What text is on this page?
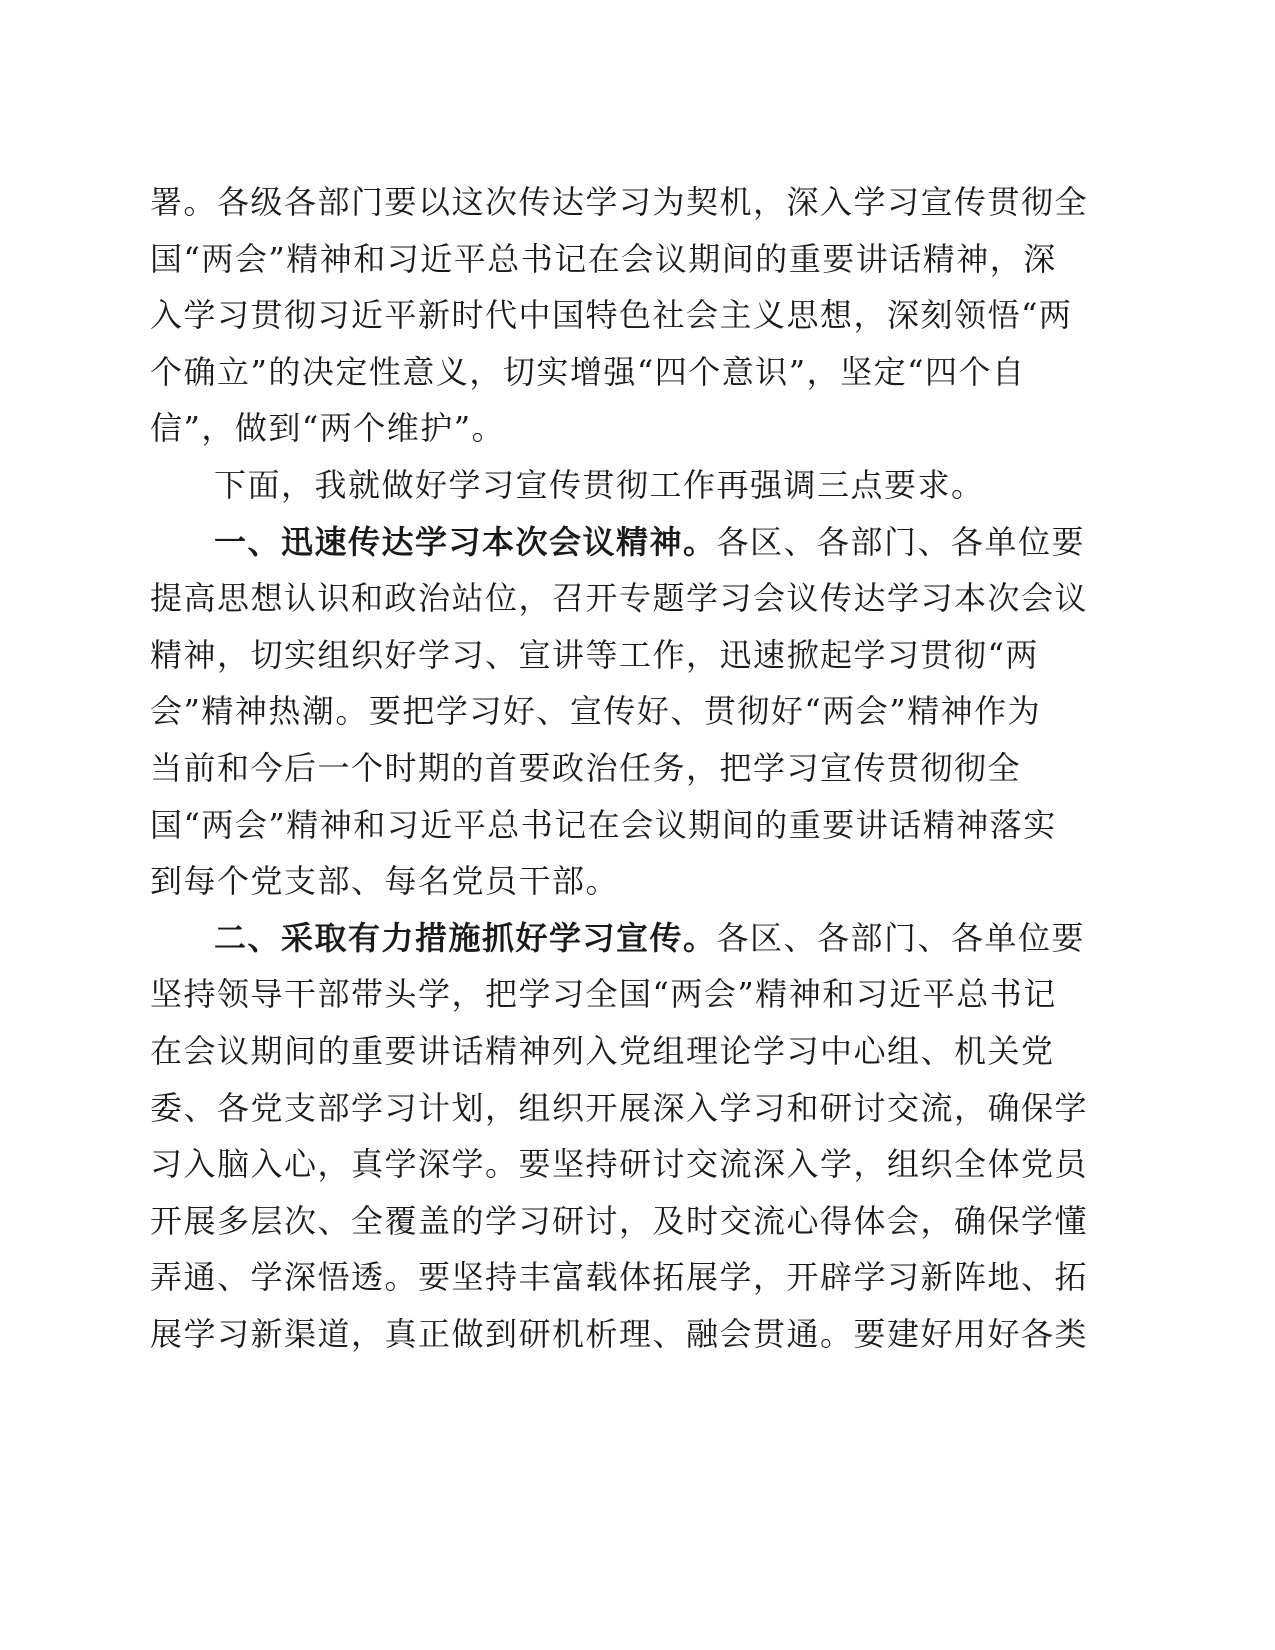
署。各级各部门要以这次传达学习为契机，深入学习宣传贯彻全
国“两会”精神和习近平总书记在会议期间的重要讲话精神，深
入学习贯彻习近平新时代中国特色社会主义思想，深刻领悟“两
个确立”的决定性意义，切实增强“四个意识”，坚定“四个自
信”，做到“两个维护”。
下面，我就做好学习宣传贯彻工作再强调三点要求。
一、迅速传达学习本次会议精神。各区、各部门、各单位要
提高思想认识和政治站位，召开专题学习会议传达学习本次会议
精神，切实组织好学习、宣讲等工作，迅速掀起学习贯彻“两
会”精神热潮。要把学习好、宣传好、贯彻好“两会”精神作为
当前和今后一个时期的首要政治任务，把学习宣传贯彻彻全
国“两会”精神和习近平总书记在会议期间的重要讲话精神落实
到每个党支部、每名党员干部。
二、采取有力措施抓好学习宣传。各区、各部门、各单位要
坚持领导干部带头学，把学习全国“两会”精神和习近平总书记
在会议期间的重要讲话精神列入党组理论学习中心组、机关党
委、各党支部学习计划，组织开展深入学习和研讨交流，确保学
习入脑入心，真学深学。要坚持研讨交流深入学，组织全体党员
开展多层次、全覆盖的学习研讨，及时交流心得体会，确保学懂
弄通、学深悟透。要坚持丰富载体拓展学，开辟学习新阵地、拓
展学习新渠道，真正做到研机析理、融会贯通。要建好用好各类
